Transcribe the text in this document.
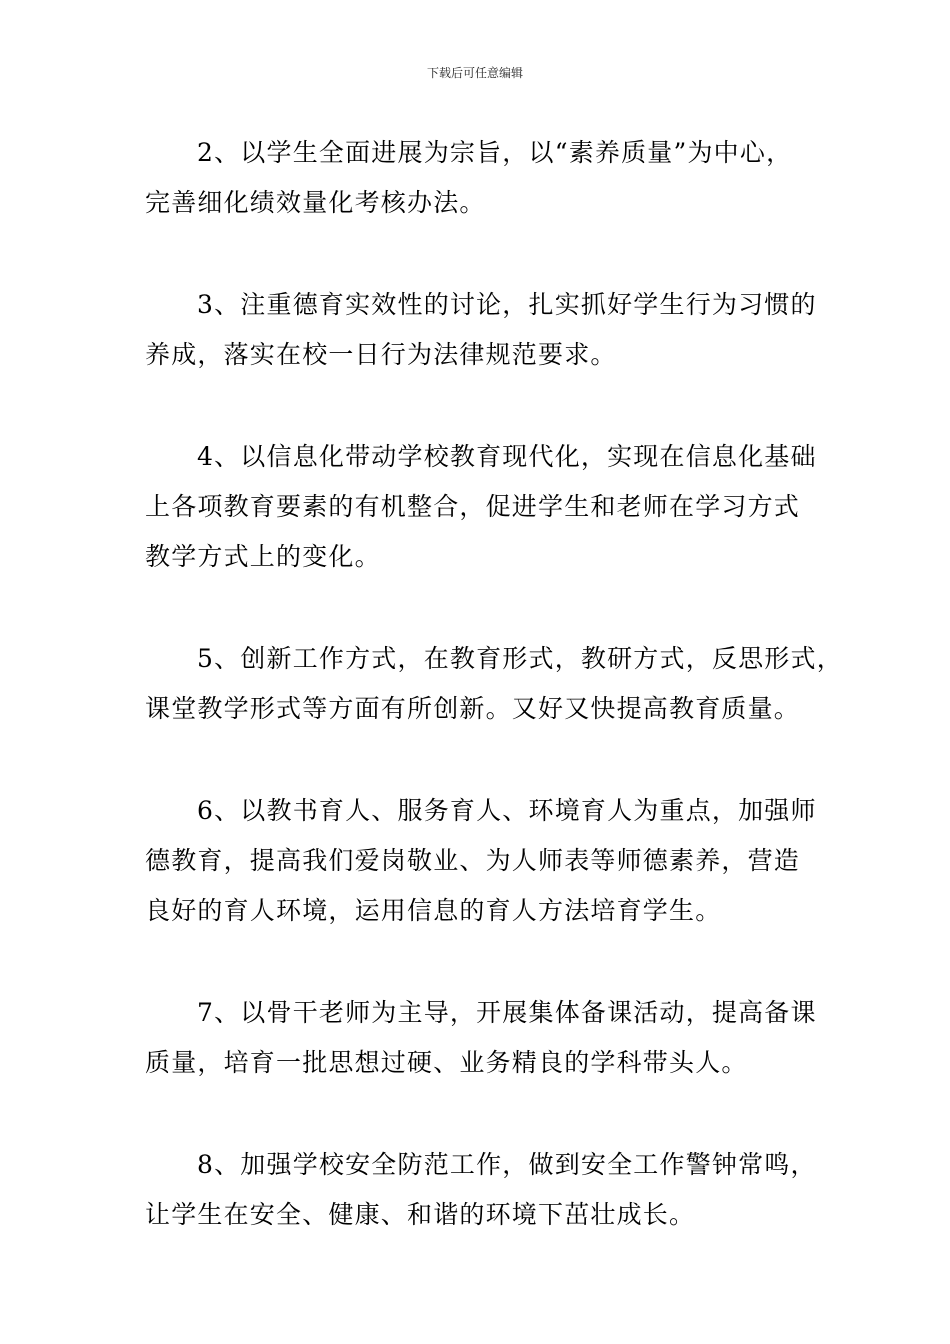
下载后可任意编辑

2、以学生全面进展为宗旨，以“素养质量”为中心，
完善细化绩效量化考核办法。

3、注重德育实效性的讨论，扎实抓好学生行为习惯的
养成，落实在校一日行为法律规范要求。

4、以信息化带动学校教育现代化，实现在信息化基础
上各项教育要素的有机整合，促进学生和老师在学习方式
教学方式上的变化。

5、创新工作方式，在教育形式，教研方式，反思形式，
课堂教学形式等方面有所创新。又好又快提高教育质量。

6、以教书育人、服务育人、环境育人为重点，加强师
德教育，提高我们爱岗敬业、为人师表等师德素养，营造
良好的育人环境，运用信息的育人方法培育学生。

7、以骨干老师为主导，开展集体备课活动，提高备课
质量，培育一批思想过硬、业务精良的学科带头人。

8、加强学校安全防范工作，做到安全工作警钟常鸣，
让学生在安全、健康、和谐的环境下茁壮成长。
